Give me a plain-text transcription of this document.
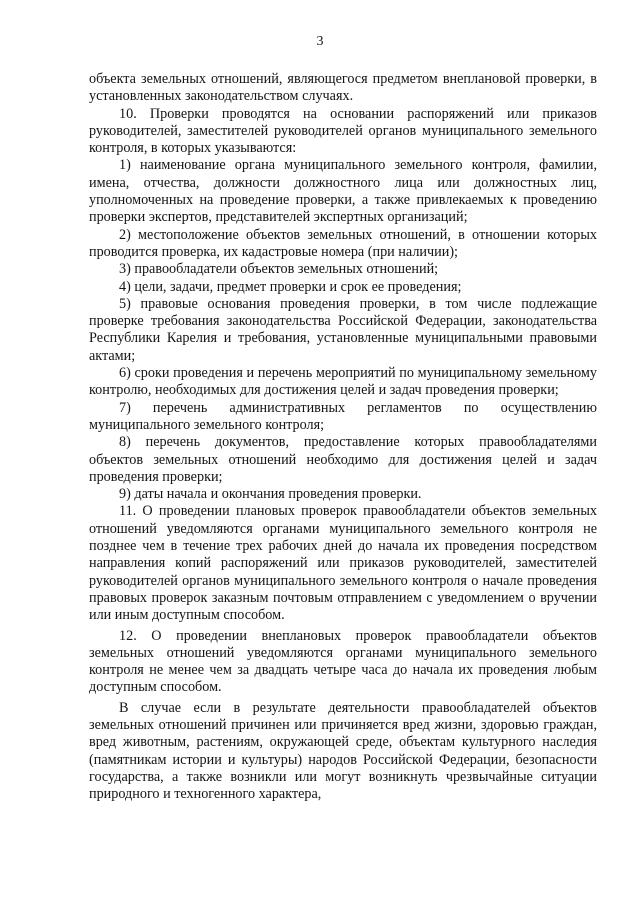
3

объекта земельных отношений, являющегося предметом внеплановой проверки, в установленных законодательством случаях.

10. Проверки проводятся на основании распоряжений или приказов руководителей, заместителей руководителей органов муниципального земельного контроля, в которых указываются:

1) наименование органа муниципального земельного контроля, фамилии, имена, отчества, должности должностного лица или должностных лиц, уполномоченных на проведение проверки, а также привлекаемых к проведению проверки экспертов, представителей экспертных организаций;

2) местоположение объектов земельных отношений, в отношении которых проводится проверка, их кадастровые номера (при наличии);

3) правообладатели объектов земельных отношений;

4) цели, задачи, предмет проверки и срок ее проведения;

5) правовые основания проведения проверки, в том числе подлежащие проверке требования законодательства Российской Федерации, законодательства Республики Карелия и требования, установленные муниципальными правовыми актами;

6) сроки проведения и перечень мероприятий по муниципальному земельному контролю, необходимых для достижения целей и задач проведения проверки;

7) перечень административных регламентов по осуществлению муниципального земельного контроля;

8) перечень документов, предоставление которых правообладателями объектов земельных отношений необходимо для достижения целей и задач проведения проверки;

9) даты начала и окончания проведения проверки.

11. О проведении плановых проверок правообладатели объектов земельных отношений уведомляются органами муниципального земельного контроля не позднее чем в течение трех рабочих дней до начала их проведения посредством направления копий распоряжений или приказов руководителей, заместителей руководителей органов муниципального земельного контроля о начале проведения правовых проверок заказным почтовым отправлением с уведомлением о вручении или иным доступным способом.

12. О проведении внеплановых проверок правообладатели объектов земельных отношений уведомляются органами муниципального земельного контроля не менее чем за двадцать четыре часа до начала их проведения любым доступным способом.

В случае если в результате деятельности правообладателей объектов земельных отношений причинен или причиняется вред жизни, здоровью граждан, вред животным, растениям, окружающей среде, объектам культурного наследия (памятникам истории и культуры) народов Российской Федерации, безопасности государства, а также возникли или могут возникнуть чрезвычайные ситуации природного и техногенного характера,
